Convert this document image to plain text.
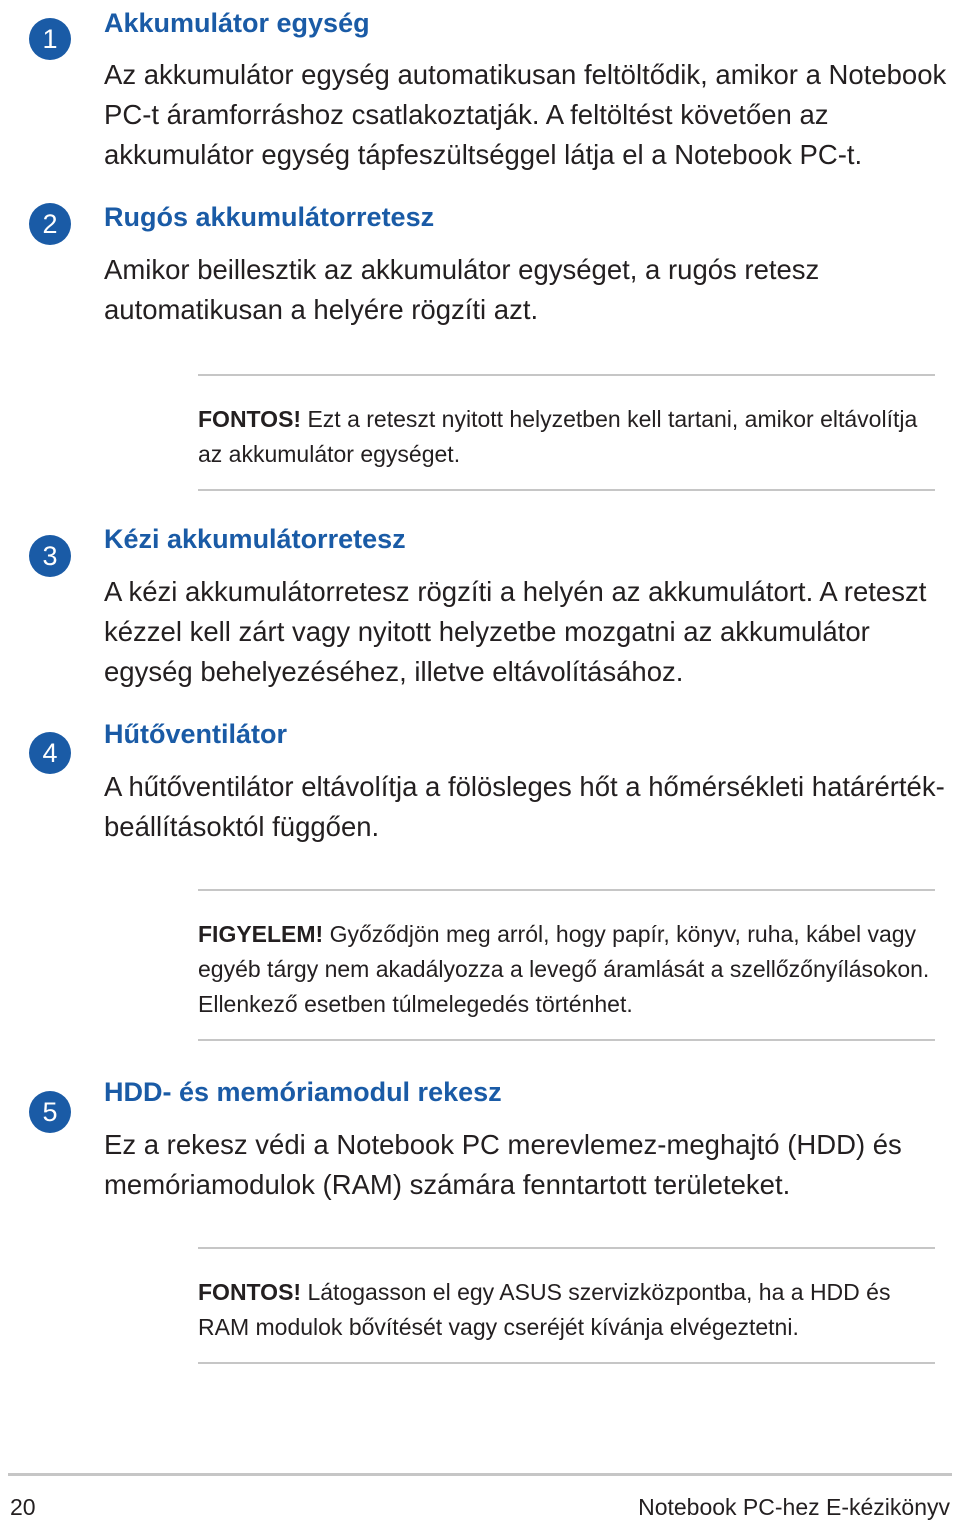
1
Akkumulátor egység

Az akkumulátor egység automatikusan feltöltődik, amikor a Notebook PC-t áramforráshoz csatlakoztatják. A feltöltést követően az akkumulátor egység tápfeszültséggel látja el a Notebook PC-t.

2	Rugós akkumulátorretesz

Amikor beillesztik az akkumulátor egységet, a rugós retesz automatikusan a helyére rögzíti azt.

FONTOS! Ezt a reteszt nyitott helyzetben kell tartani, amikor eltávolítja az akkumulátor egységet.

3
Kézi akkumulátorretesz

A kézi akkumulátorretesz rögzíti a helyén az akkumulátort. A reteszt kézzel kell zárt vagy nyitott helyzetbe mozgatni az akkumulátor egység behelyezéséhez, illetve eltávolításához.

4
Hűtőventilátor

A hűtőventilátor eltávolítja a fölösleges hőt a hőmérsékleti határérték-beállításoktól függően.

FIGYELEM! Győződjön meg arról, hogy papír, könyv, ruha, kábel vagy egyéb tárgy nem akadályozza a levegő áramlását a szellőzőnyílásokon. Ellenkező esetben túlmelegedés történhet.

5
HDD- és memóriamodul rekesz

Ez a rekesz védi a Notebook PC merevlemez-meghajtó (HDD) és memóriamodulok (RAM) számára fenntartott területeket.

FONTOS! Látogasson el egy ASUS szervizközpontba, ha a HDD és RAM modulok bővítését vagy cseréjét kívánja elvégeztetni.

20	Notebook PC-hez E-kézikönyv
